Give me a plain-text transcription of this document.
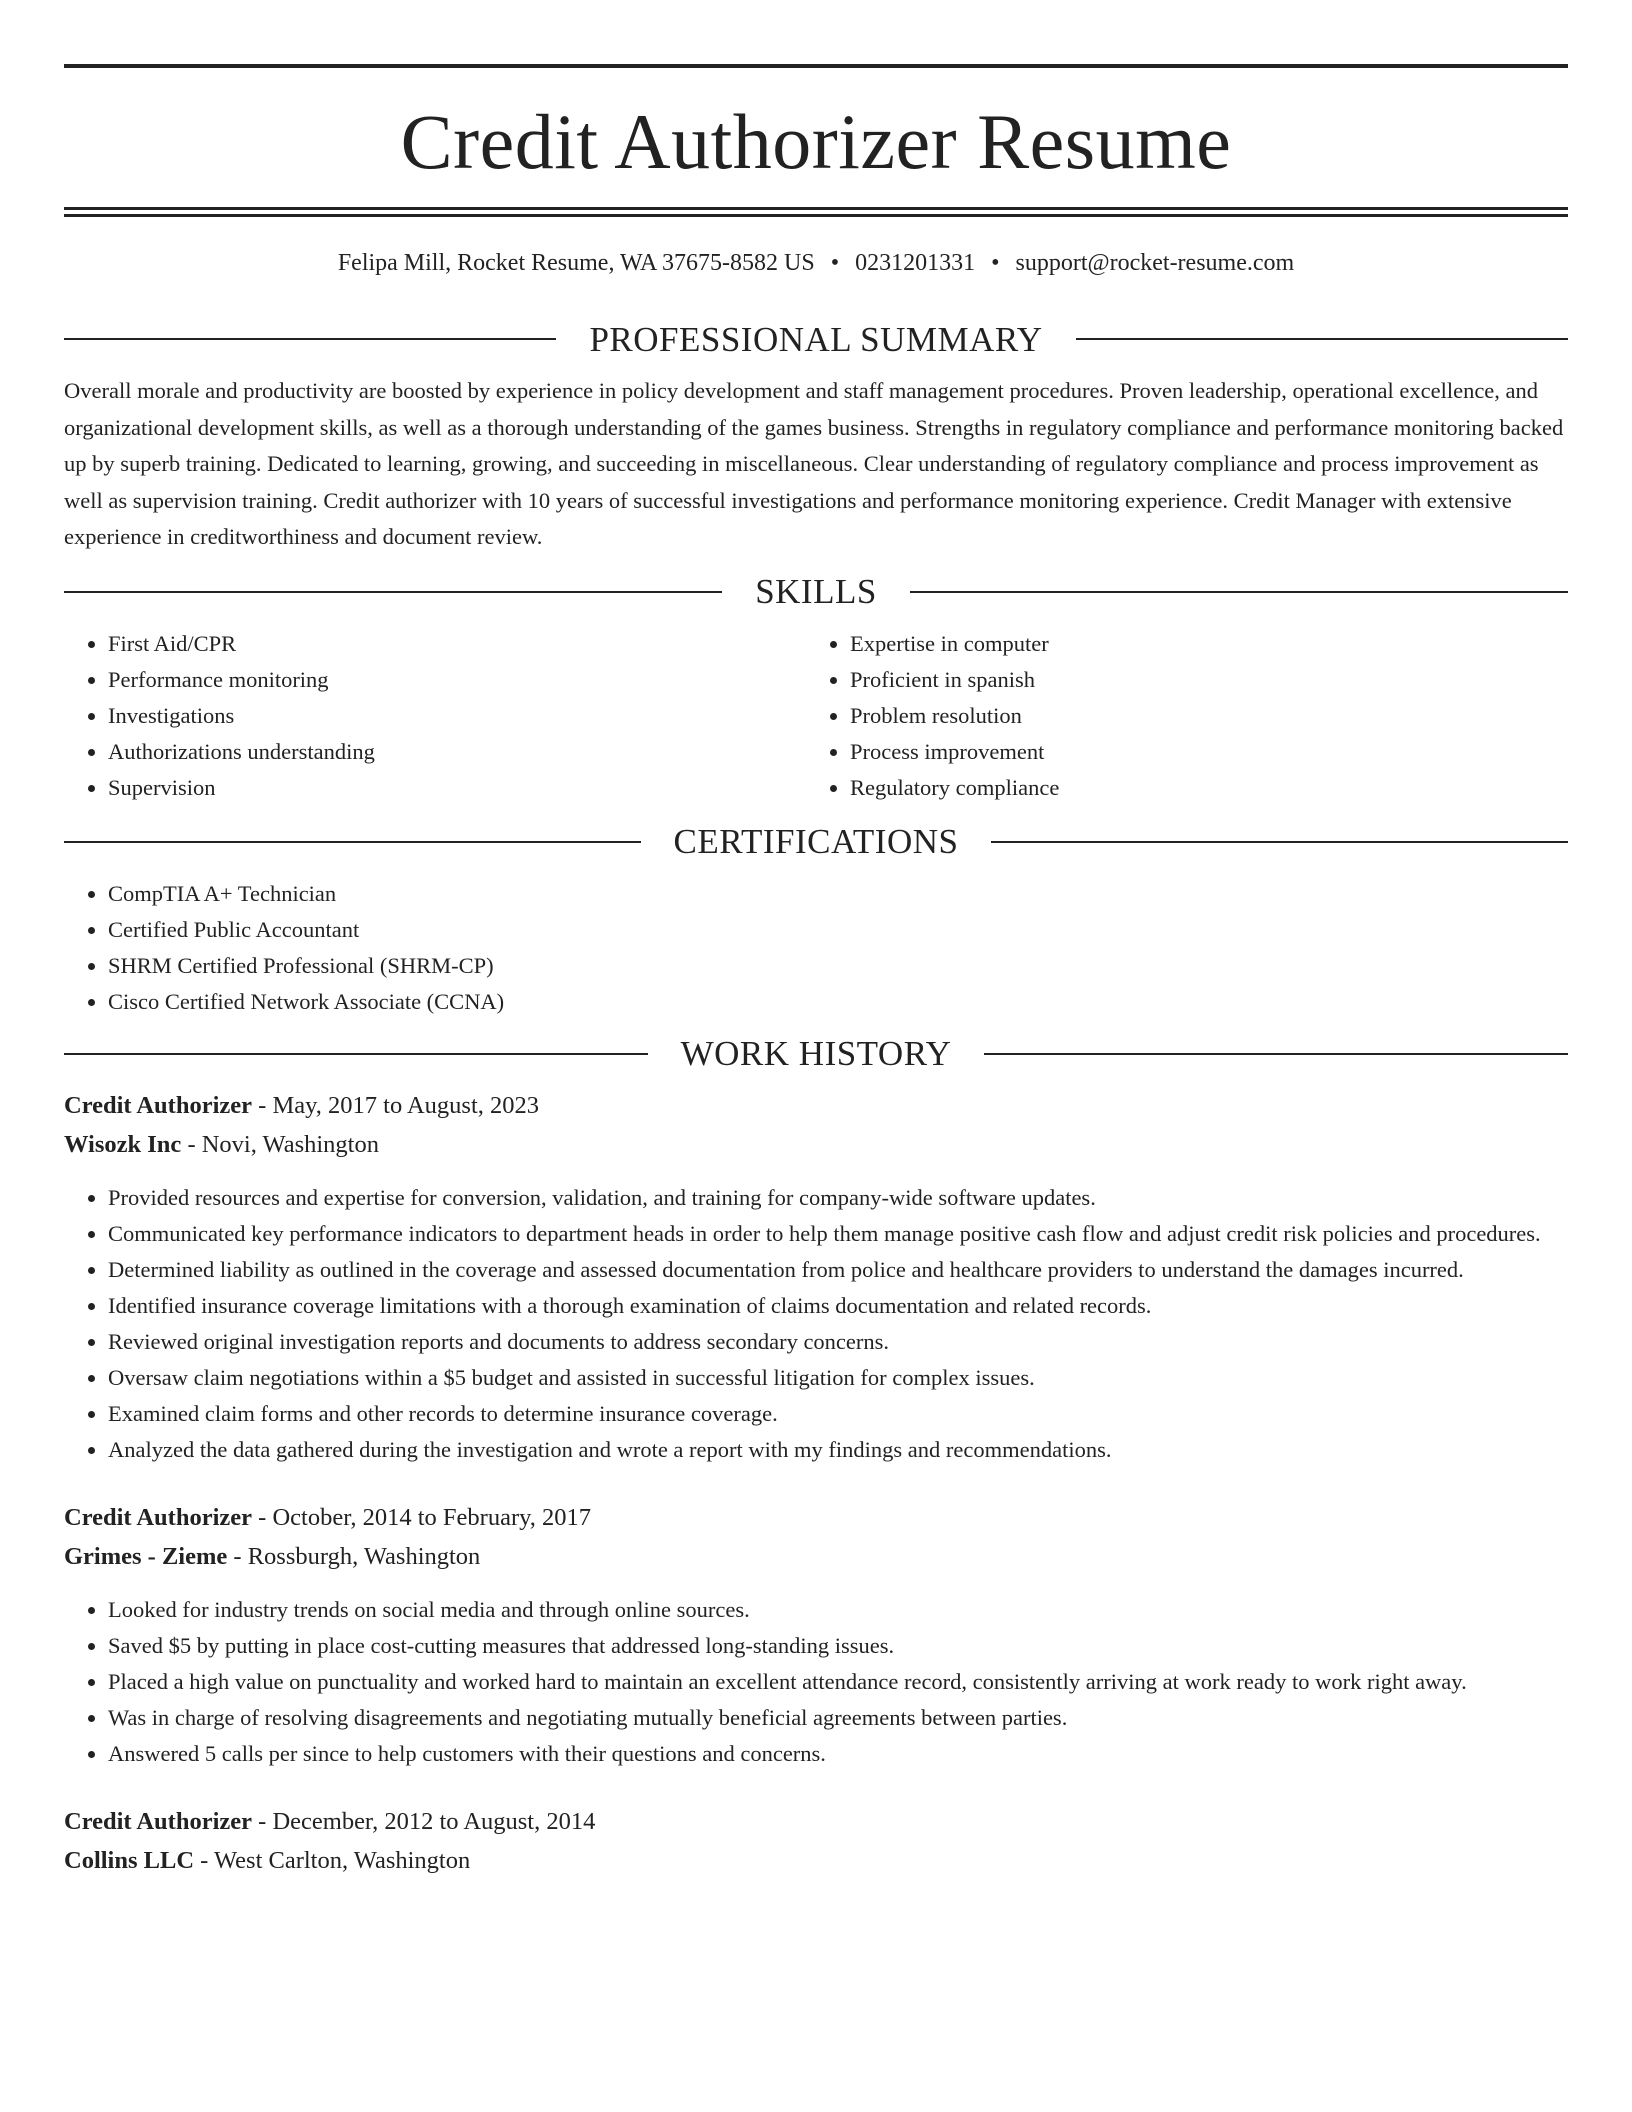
Credit Authorizer Resume
Felipa Mill, Rocket Resume, WA 37675-8582 US • 0231201331 • support@rocket-resume.com
PROFESSIONAL SUMMARY

Overall morale and productivity are boosted by experience in policy development and staff management procedures. Proven leadership, operational excellence, and organizational development skills, as well as a thorough understanding of the games business. Strengths in regulatory compliance and performance monitoring backed up by superb training. Dedicated to learning, growing, and succeeding in miscellaneous. Clear understanding of regulatory compliance and process improvement as well as supervision training. Credit authorizer with 10 years of successful investigations and performance monitoring experience. Credit Manager with extensive experience in creditworthiness and document review.

SKILLS
• First Aid/CPR
• Performance monitoring
• Investigations
• Authorizations understanding
• Supervision
• Expertise in computer
• Proficient in spanish
• Problem resolution
• Process improvement
• Regulatory compliance
CERTIFICATIONS
• CompTIA A+ Technician
• Certified Public Accountant
• SHRM Certified Professional (SHRM-CP)
• Cisco Certified Network Associate (CCNA)
WORK HISTORY

Credit Authorizer - May, 2017 to August, 2023

Wisozk Inc - Novi, Washington

• Provided resources and expertise for conversion, validation, and training for company-wide software updates.
• Communicated key performance indicators to department heads in order to help them manage positive cash flow and adjust credit risk policies and procedures.
• Determined liability as outlined in the coverage and assessed documentation from police and healthcare providers to understand the damages incurred.
• Identified insurance coverage limitations with a thorough examination of claims documentation and related records.
• Reviewed original investigation reports and documents to address secondary concerns.
• Oversaw claim negotiations within a $5 budget and assisted in successful litigation for complex issues.
• Examined claim forms and other records to determine insurance coverage.
• Analyzed the data gathered during the investigation and wrote a report with my findings and recommendations.

Credit Authorizer - October, 2014 to February, 2017

Grimes - Zieme - Rossburgh, Washington

• Looked for industry trends on social media and through online sources.
• Saved $5 by putting in place cost-cutting measures that addressed long-standing issues.
• Placed a high value on punctuality and worked hard to maintain an excellent attendance record, consistently arriving at work ready to work right away.
• Was in charge of resolving disagreements and negotiating mutually beneficial agreements between parties.
• Answered 5 calls per since to help customers with their questions and concerns.

Credit Authorizer - December, 2012 to August, 2014

Collins LLC - West Carlton, Washington
